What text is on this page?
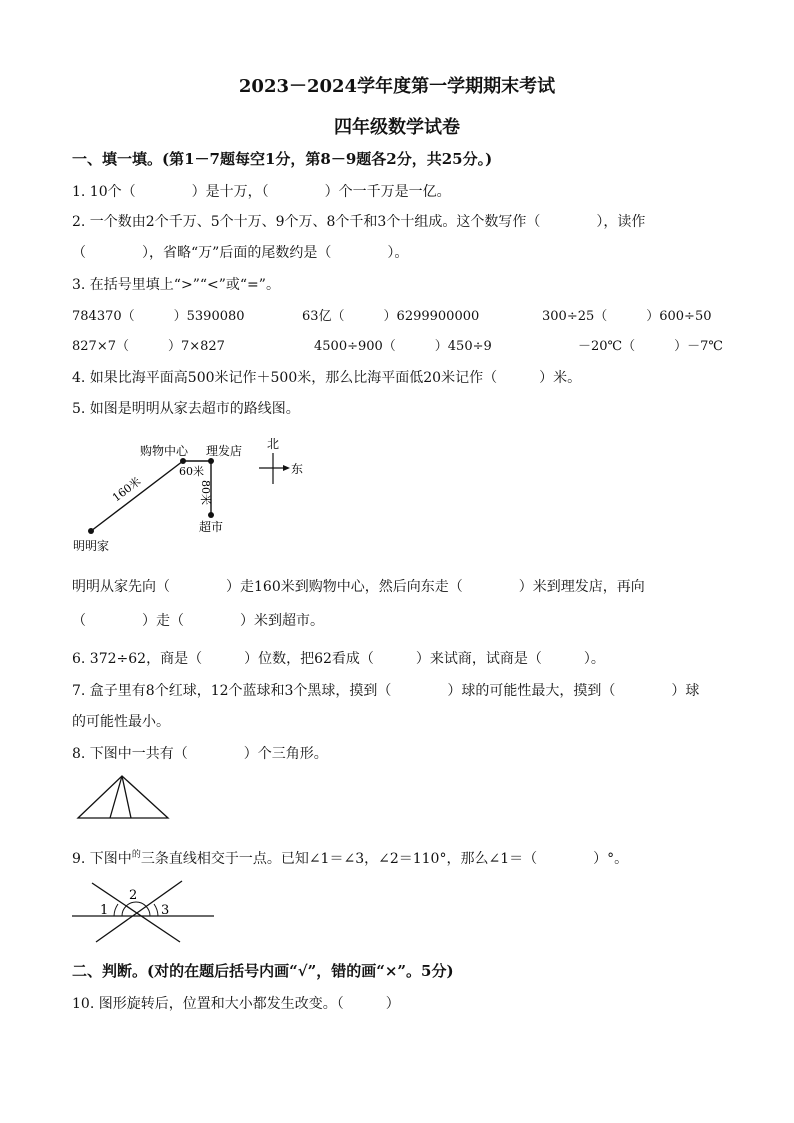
2023－2024学年度第一学期期末考试
四年级数学试卷
一、填一填。(第1－7题每空1分，第8－9题各2分，共25分。)
1. 10个（　　　　）是十万，（　　　　）个一千万是一亿。
2. 一个数由2个千万、5个十万、9个万、8个千和3个十组成。这个数写作（　　　　），读作
（　　　　），省略“万”后面的尾数约是（　　　　）。
3. 在括号里填上“>”“<”或“=”。
784370（　　　）5390080	63亿（　　　）6299900000	300÷25（　　　）600÷50
827×7（　　　）7×827	4500÷900（　　　）450÷9	－20℃（　　　）－7℃
4. 如果比海平面高500米记作＋500米，那么比海平面低20米记作（　　　）米。
5. 如图是明明从家去超市的路线图。
明明家
购物中心 理发店
超市
160米
60米
80米
北
东
明明从家先向（　　　　）走160米到购物中心，然后向东走（　　　　）米到理发店，再向
（　　　　）走（　　　　）米到超市。
6. 372÷62，商是（　　　）位数，把62看成（　　　）来试商，试商是（　　　）。
7. 盒子里有8个红球，12个蓝球和3个黑球，摸到（　　　　）球的可能性最大，摸到（　　　　）球
的可能性最小。
8. 下图中一共有（　　　　）个三角形。
9. 下图中$^的$三条直线相交于一点。已知∠1＝∠3，∠2＝110°，那么∠1＝（　　　　）°。
1
2
3
二、判断。(对的在题后括号内画“√”，错的画“×”。5分)
10. 图形旋转后，位置和大小都发生改变。（　　　）
